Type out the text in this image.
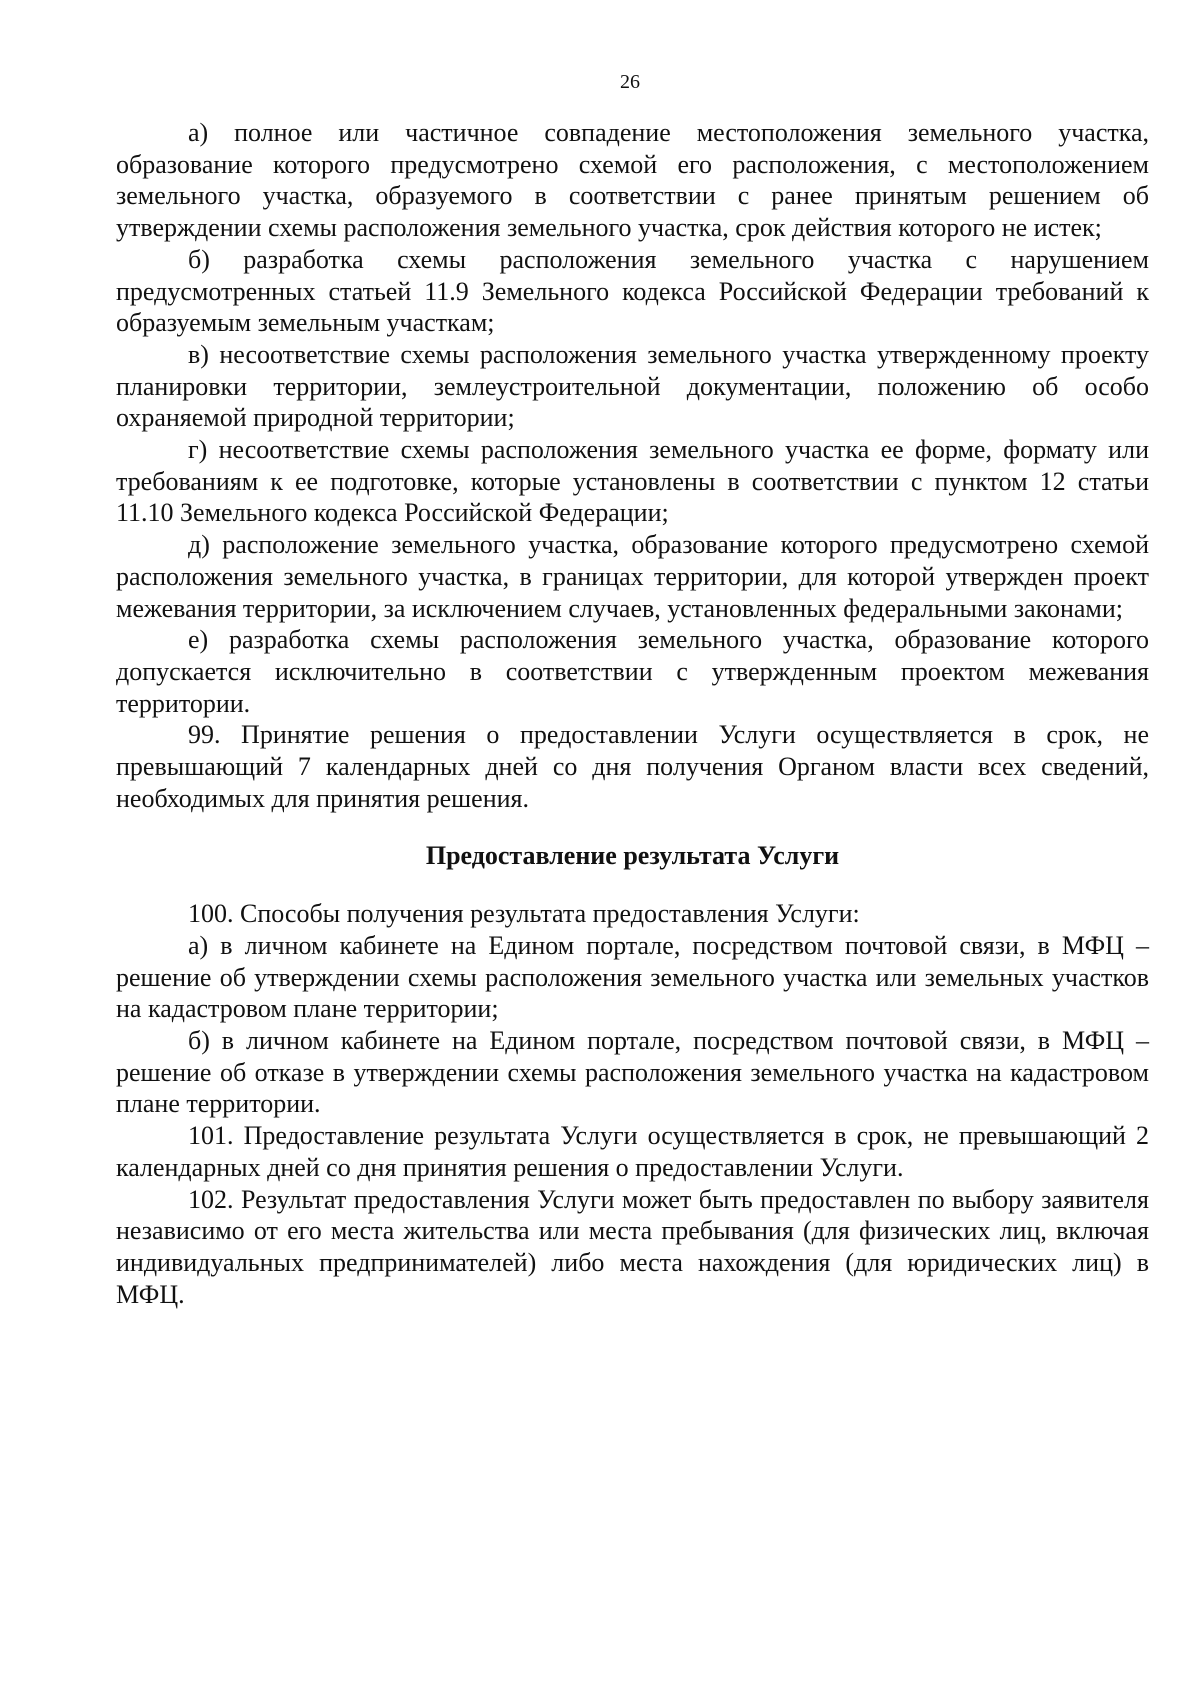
26

а) полное или частичное совпадение местоположения земельного участка, образование которого предусмотрено схемой его расположения, с местоположением земельного участка, образуемого в соответствии с ранее принятым решением об утверждении схемы расположения земельного участка, срок действия которого не истек;

б) разработка схемы расположения земельного участка с нарушением предусмотренных статьей 11.9 Земельного кодекса Российской Федерации требований к образуемым земельным участкам;

в) несоответствие схемы расположения земельного участка утвержденному проекту планировки территории, землеустроительной документации, положению об особо охраняемой природной территории;

г) несоответствие схемы расположения земельного участка ее форме, формату или требованиям к ее подготовке, которые установлены в соответствии с пунктом 12 статьи 11.10 Земельного кодекса Российской Федерации;

д) расположение земельного участка, образование которого предусмотрено схемой расположения земельного участка, в границах территории, для которой утвержден проект межевания территории, за исключением случаев, установленных федеральными законами;

е) разработка схемы расположения земельного участка, образование которого допускается исключительно в соответствии с утвержденным проектом межевания территории.

99. Принятие решения о предоставлении Услуги осуществляется в срок, не превышающий 7 календарных дней со дня получения Органом власти всех сведений, необходимых для принятия решения.

Предоставление результата Услуги

100. Способы получения результата предоставления Услуги:

а) в личном кабинете на Едином портале, посредством почтовой связи, в МФЦ – решение об утверждении схемы расположения земельного участка или земельных участков на кадастровом плане территории;

б) в личном кабинете на Едином портале, посредством почтовой связи, в МФЦ – решение об отказе в утверждении схемы расположения земельного участка на кадастровом плане территории.

101. Предоставление результата Услуги осуществляется в срок, не превышающий 2 календарных дней со дня принятия решения о предоставлении Услуги.

102. Результат предоставления Услуги может быть предоставлен по выбору заявителя независимо от его места жительства или места пребывания (для физических лиц, включая индивидуальных предпринимателей) либо места нахождения (для юридических лиц) в МФЦ.
